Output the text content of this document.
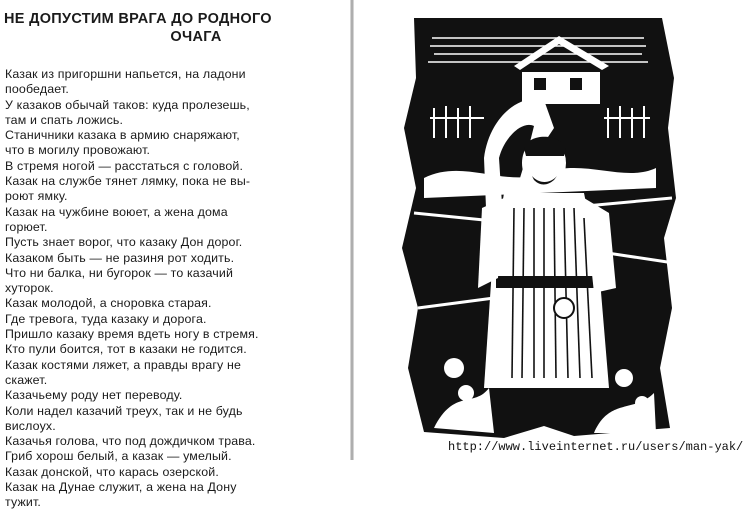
НЕ ДОПУСТИМ ВРАГА ДО РОДНОГО
ОЧАГА
Казак из пригоршни напьется, на ладони
пообедает.
У казаков обычай таков: куда пролезешь,
там и спать ложись.
Станичники казака в армию снаряжают,
что в могилу провожают.
В стремя ногой — расстаться с головой.
Казак на службе тянет лямку, пока не вы-
роют ямку.
Казак на чужбине воюет, а жена дома
горюет.
Пусть знает ворог, что казаку Дон дорог.
Казаком быть — не разиня рот ходить.
Что ни балка, ни бугорок — то казачий
хуторок.
Казак молодой, а сноровка старая.
Где тревога, туда казаку и дорога.
Пришло казаку время вдеть ногу в стремя.
Кто пули боится, тот в казаки не годится.
Казак костями ляжет, а правды врагу не
скажет.
Казачьему роду нет переводу.
Коли надел казачий треух, так и не будь
вислоух.
Казачья голова, что под дождичком трава.
Гриб хорош белый, а казак — умелый.
Казак донской, что карась озерской.
Казак на Дунае служит, а жена на Дону
тужит.
http://www.liveinternet.ru/users/man-yak/
